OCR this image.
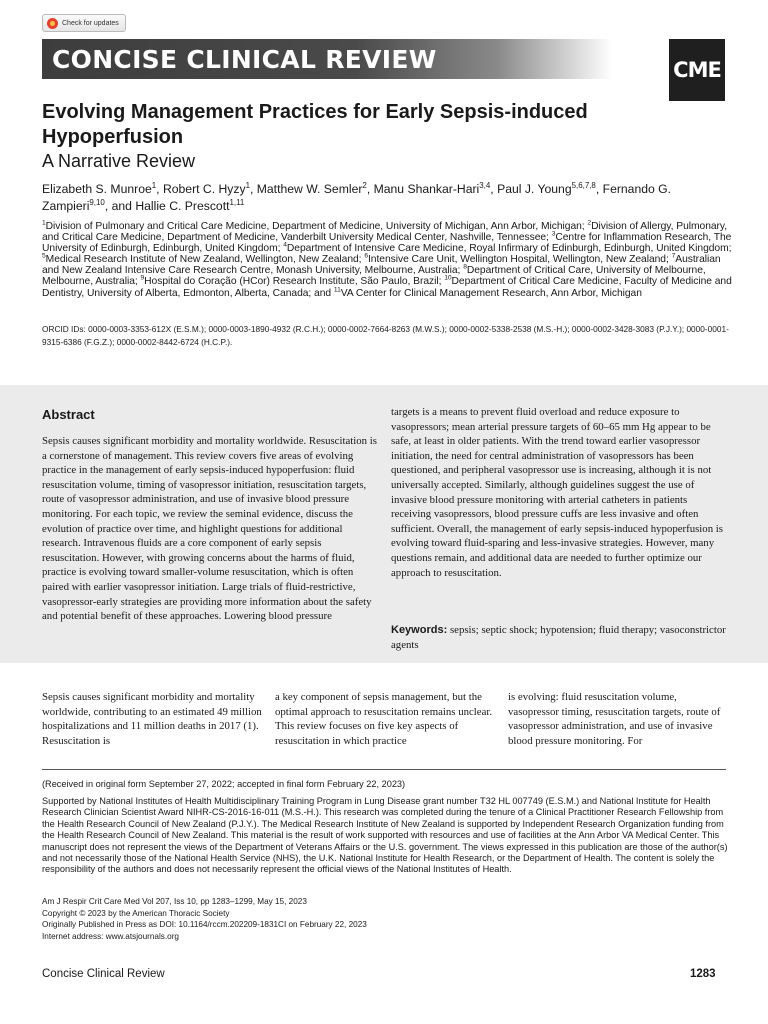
Check for updates
CONCISE CLINICAL REVIEW	CME
Evolving Management Practices for Early Sepsis-induced Hypoperfusion
A Narrative Review
Elizabeth S. Munroe$^1$, Robert C. Hyzy$^1$, Matthew W. Semler$^2$, Manu Shankar-Hari$^{3,4}$, Paul J. Young$^{5,6,7,8}$, Fernando G. Zampieri$^{9,10}$, and Hallie C. Prescott$^{1,11}$
$^1$Division of Pulmonary and Critical Care Medicine, Department of Medicine, University of Michigan, Ann Arbor, Michigan; $^2$Division of Allergy, Pulmonary, and Critical Care Medicine, Department of Medicine, Vanderbilt University Medical Center, Nashville, Tennessee; $^3$Centre for Inflammation Research, The University of Edinburgh, Edinburgh, United Kingdom; $^4$Department of Intensive Care Medicine, Royal Infirmary of Edinburgh, Edinburgh, United Kingdom; $^5$Medical Research Institute of New Zealand, Wellington, New Zealand; $^6$Intensive Care Unit, Wellington Hospital, Wellington, New Zealand; $^7$Australian and New Zealand Intensive Care Research Centre, Monash University, Melbourne, Australia; $^8$Department of Critical Care, University of Melbourne, Melbourne, Australia; $^9$Hospital do Coração (HCor) Research Institute, São Paulo, Brazil; $^{10}$Department of Critical Care Medicine, Faculty of Medicine and Dentistry, University of Alberta, Edmonton, Alberta, Canada; and $^{11}$VA Center for Clinical Management Research, Ann Arbor, Michigan
ORCID IDs: 0000-0003-3353-612X (E.S.M.); 0000-0003-1890-4932 (R.C.H.); 0000-0002-7664-8263 (M.W.S.); 0000-0002-5338-2538 (M.S.-H.); 0000-0002-3428-3083 (P.J.Y.); 0000-0001-9315-6386 (F.G.Z.); 0000-0002-8442-6724 (H.C.P.).
Abstract

Sepsis causes significant morbidity and mortality worldwide. Resuscitation is a cornerstone of management. This review covers five areas of evolving practice in the management of early sepsis-induced hypoperfusion: fluid resuscitation volume, timing of vasopressor initiation, resuscitation targets, route of vasopressor administration, and use of invasive blood pressure monitoring. For each topic, we review the seminal evidence, discuss the evolution of practice over time, and highlight questions for additional research. Intravenous fluids are a core component of early sepsis resuscitation. However, with growing concerns about the harms of fluid, practice is evolving toward smaller-volume resuscitation, which is often paired with earlier vasopressor initiation. Large trials of fluid-restrictive, vasopressor-early strategies are providing more information about the safety and potential benefit of these approaches. Lowering blood pressure

targets is a means to prevent fluid overload and reduce exposure to vasopressors; mean arterial pressure targets of 60–65 mm Hg appear to be safe, at least in older patients. With the trend toward earlier vasopressor initiation, the need for central administration of vasopressors has been questioned, and peripheral vasopressor use is increasing, although it is not universally accepted. Similarly, although guidelines suggest the use of invasive blood pressure monitoring with arterial catheters in patients receiving vasopressors, blood pressure cuffs are less invasive and often sufficient. Overall, the management of early sepsis-induced hypoperfusion is evolving toward fluid-sparing and less-invasive strategies. However, many questions remain, and additional data are needed to further optimize our approach to resuscitation.

Keywords: sepsis; septic shock; hypotension; fluid therapy; vasoconstrictor agents

Sepsis causes significant morbidity and mortality worldwide, contributing to an estimated 49 million hospitalizations and 11 million deaths in 2017 (1). Resuscitation is

a key component of sepsis management, but the optimal approach to resuscitation remains unclear. This review focuses on five key aspects of resuscitation in which practice

is evolving: fluid resuscitation volume, vasopressor timing, resuscitation targets, route of vasopressor administration, and use of invasive blood pressure monitoring. For

(Received in original form September 27, 2022; accepted in final form February 22, 2023)

Supported by National Institutes of Health Multidisciplinary Training Program in Lung Disease grant number T32 HL 007749 (E.S.M.) and National Institute for Health Research Clinician Scientist Award NIHR-CS-2016-16-011 (M.S.-H.). This research was completed during the tenure of a Clinical Practitioner Research Fellowship from the Health Research Council of New Zealand (P.J.Y.). The Medical Research Institute of New Zealand is supported by Independent Research Organization funding from the Health Research Council of New Zealand. This material is the result of work supported with resources and use of facilities at the Ann Arbor VA Medical Center. This manuscript does not represent the views of the Department of Veterans Affairs or the U.S. government. The views expressed in this publication are those of the author(s) and not necessarily those of the National Health Service (NHS), the U.K. National Institute for Health Research, or the Department of Health. The content is solely the responsibility of the authors and does not necessarily represent the official views of the National Institutes of Health.

Am J Respir Crit Care Med Vol 207, Iss 10, pp 1283–1299, May 15, 2023
Copyright © 2023 by the American Thoracic Society
Originally Published in Press as DOI: 10.1164/rccm.202209-1831CI on February 22, 2023
Internet address: www.atsjournals.org
Concise Clinical Review	1283
